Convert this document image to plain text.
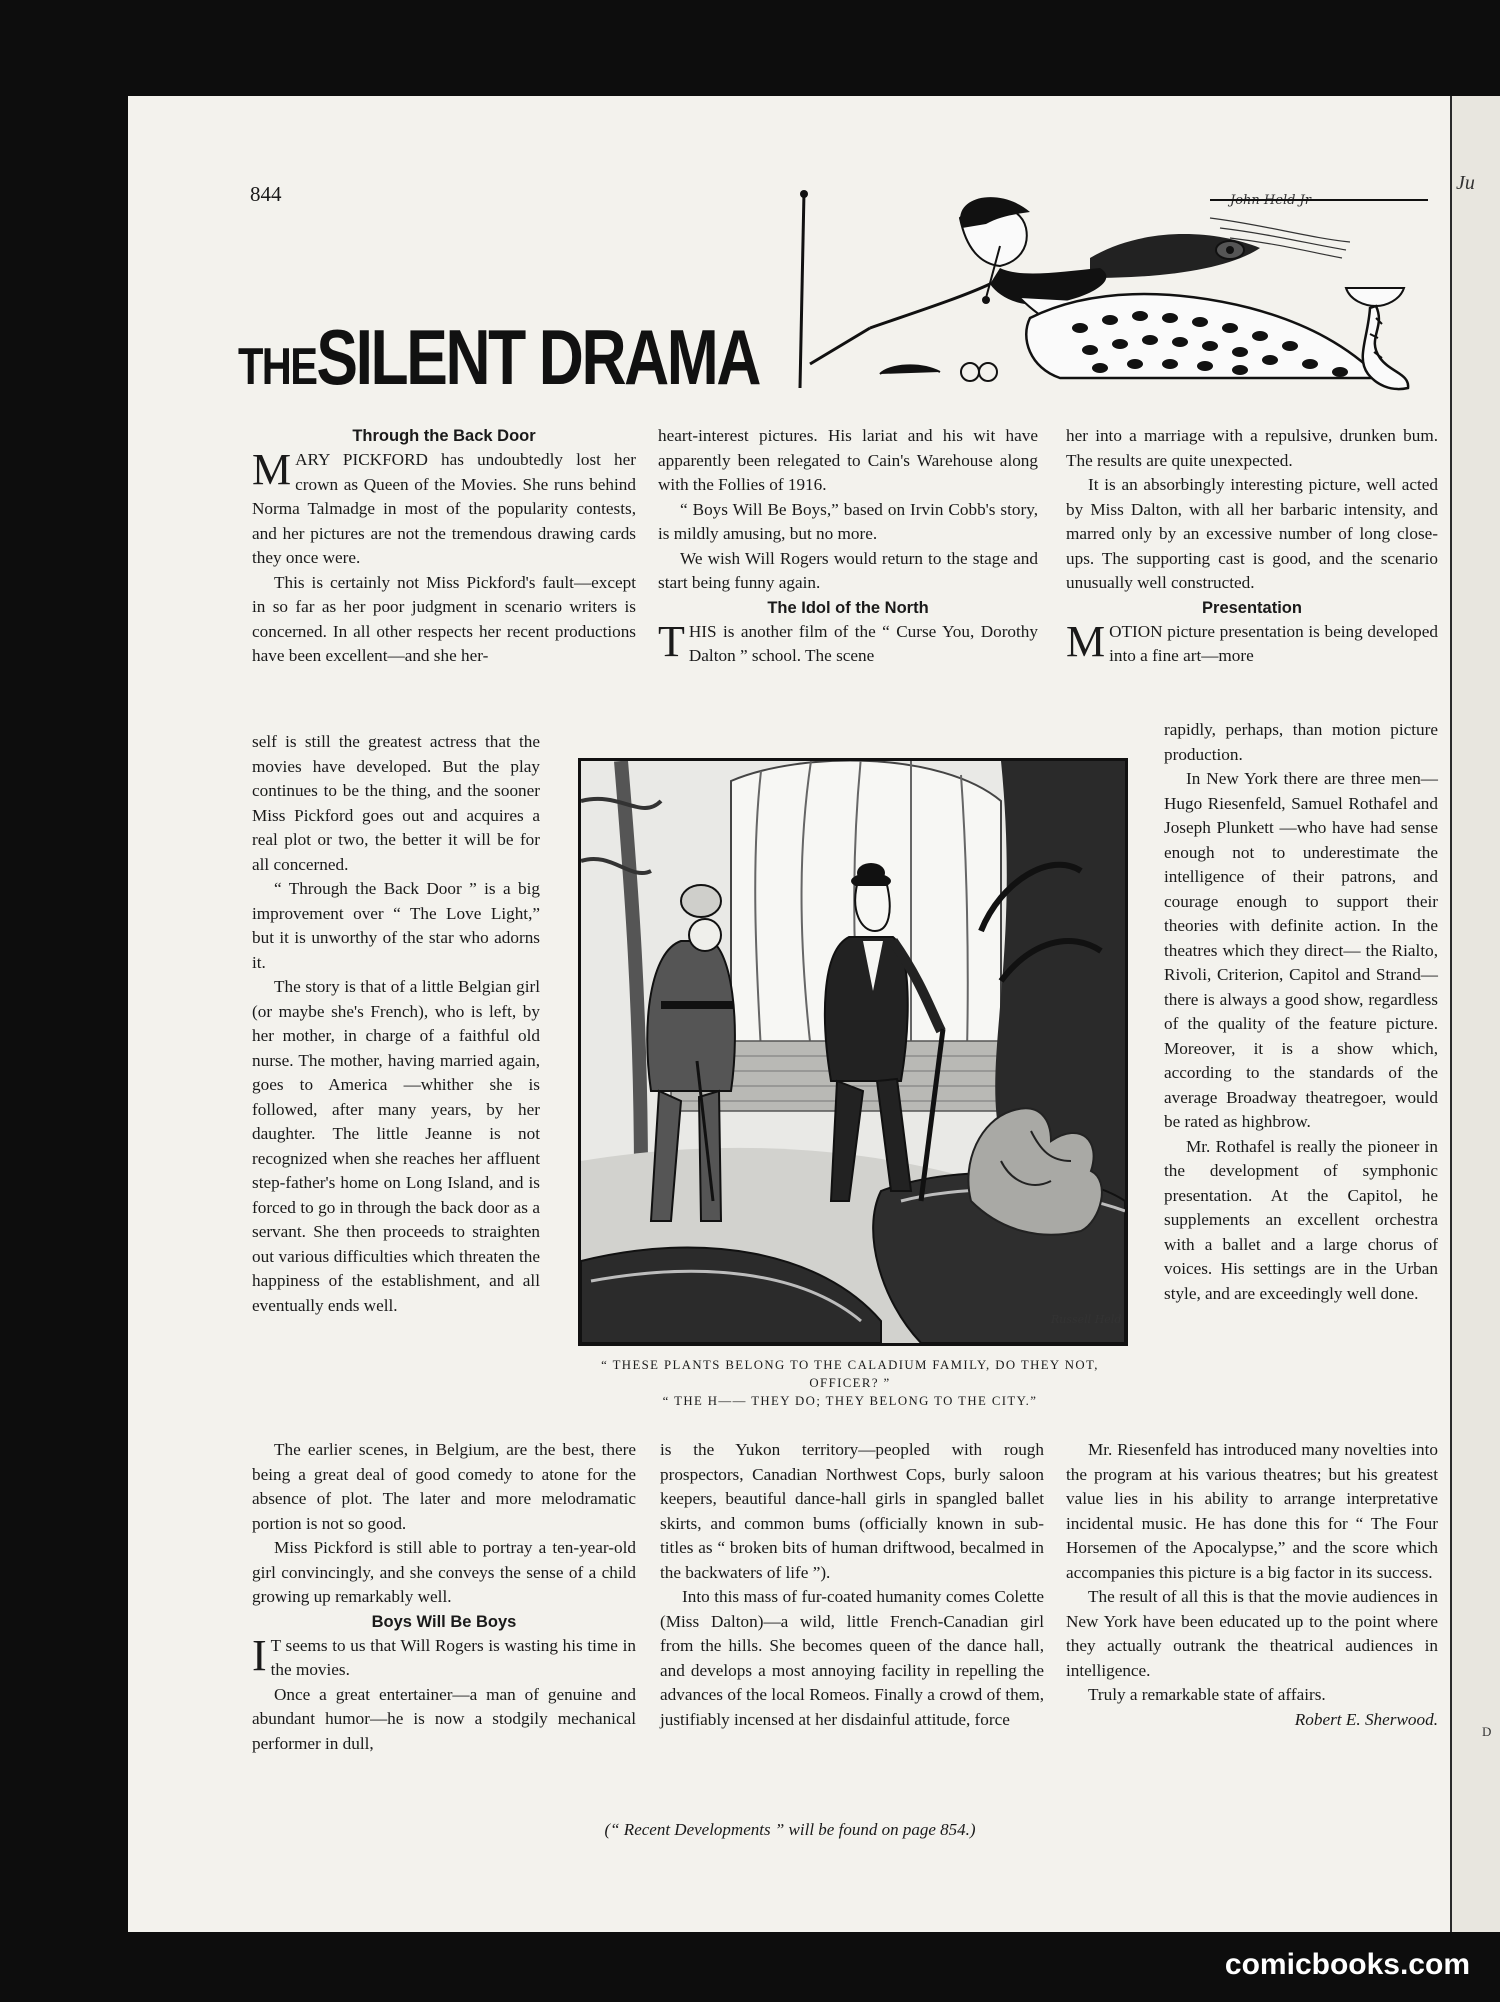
Ju
D
844
THESILENT DRAMA
John Held Jr
Through the Back Door

MARY PICKFORD has undoubtedly lost her crown as Queen of the Movies. She runs behind Norma Talmadge in most of the popularity contests, and her pictures are not the tremendous drawing cards they once were.

This is certainly not Miss Pickford's fault—except in so far as her poor judgment in scenario writers is concerned. In all other respects her recent productions have been excellent—and she her-

self is still the greatest actress that the movies have developed. But the play continues to be the thing, and the sooner Miss Pickford goes out and acquires a real plot or two, the better it will be for all concerned.

“ Through the Back Door ” is a big improvement over “ The Love Light,” but it is unworthy of the star who adorns it.

The story is that of a little Belgian girl (or maybe she's French), who is left, by her mother, in charge of a faithful old nurse. The mother, having married again, goes to America —whither she is followed, after many years, by her daughter. The little Jeanne is not recognized when she reaches her affluent step-father's home on Long Island, and is forced to go in through the back door as a servant. She then proceeds to straighten out various difficulties which threaten the happiness of the establishment, and all eventually ends well.

The earlier scenes, in Belgium, are the best, there being a great deal of good comedy to atone for the absence of plot. The later and more melodramatic portion is not so good.

Miss Pickford is still able to portray a ten-year-old girl convincingly, and she conveys the sense of a child growing up remarkably well.

Boys Will Be Boys

I T seems to us that Will Rogers is wasting his time in the movies.

Once a great entertainer—a man of genuine and abundant humor—he is now a stodgily mechanical performer in dull,

heart-interest pictures. His lariat and his wit have apparently been relegated to Cain's Warehouse along with the Follies of 1916.

“ Boys Will Be Boys,” based on Irvin Cobb's story, is mildly amusing, but no more.

We wish Will Rogers would return to the stage and start being funny again.

The Idol of the North

THIS is another film of the “ Curse You, Dorothy Dalton ” school. The scene

is the Yukon territory—peopled with rough prospectors, Canadian Northwest Cops, burly saloon keepers, beautiful dance-hall girls in spangled ballet skirts, and common bums (officially known in sub-titles as “ broken bits of human driftwood, becalmed in the backwaters of life ”).

Into this mass of fur-coated humanity comes Colette (Miss Dalton)—a wild, little French-Canadian girl from the hills. She becomes queen of the dance hall, and develops a most annoying facility in repelling the advances of the local Romeos. Finally a crowd of them, justifiably incensed at her disdainful attitude, force

her into a marriage with a repulsive, drunken bum. The results are quite unexpected.

It is an absorbingly interesting picture, well acted by Miss Dalton, with all her barbaric intensity, and marred only by an excessive number of long close-ups. The supporting cast is good, and the scenario unusually well constructed.

Presentation

MOTION picture presentation is being developed into a fine art—more

rapidly, perhaps, than motion picture production.

In New York there are three men—Hugo Riesenfeld, Samuel Rothafel and Joseph Plunkett —who have had sense enough not to underestimate the intelligence of their patrons, and courage enough to support their theories with definite action. In the theatres which they direct— the Rialto, Rivoli, Criterion, Capitol and Strand—there is always a good show, regardless of the quality of the feature picture. Moreover, it is a show which, according to the standards of the average Broadway theatregoer, would be rated as highbrow.

Mr. Rothafel is really the pioneer in the development of symphonic presentation. At the Capitol, he supplements an excellent orchestra with a ballet and a large chorus of voices. His settings are in the Urban style, and are exceedingly well done.

Mr. Riesenfeld has introduced many novelties into the program at his various theatres; but his greatest value lies in his ability to arrange interpretative incidental music. He has done this for “ The Four Horsemen of the Apocalypse,” and the score which accompanies this picture is a big factor in its success.

The result of all this is that the movie audiences in New York have been educated up to the point where they actually outrank the theatrical audiences in intelligence.

Truly a remarkable state of affairs.

Robert E. Sherwood.

Russell Held
“ THESE PLANTS BELONG TO THE CALADIUM FAMILY, DO THEY NOT, OFFICER? ”
“ THE H—— THEY DO; THEY BELONG TO THE CITY.”
(“ Recent Developments ” will be found on page 854.)
comicbooks.com
